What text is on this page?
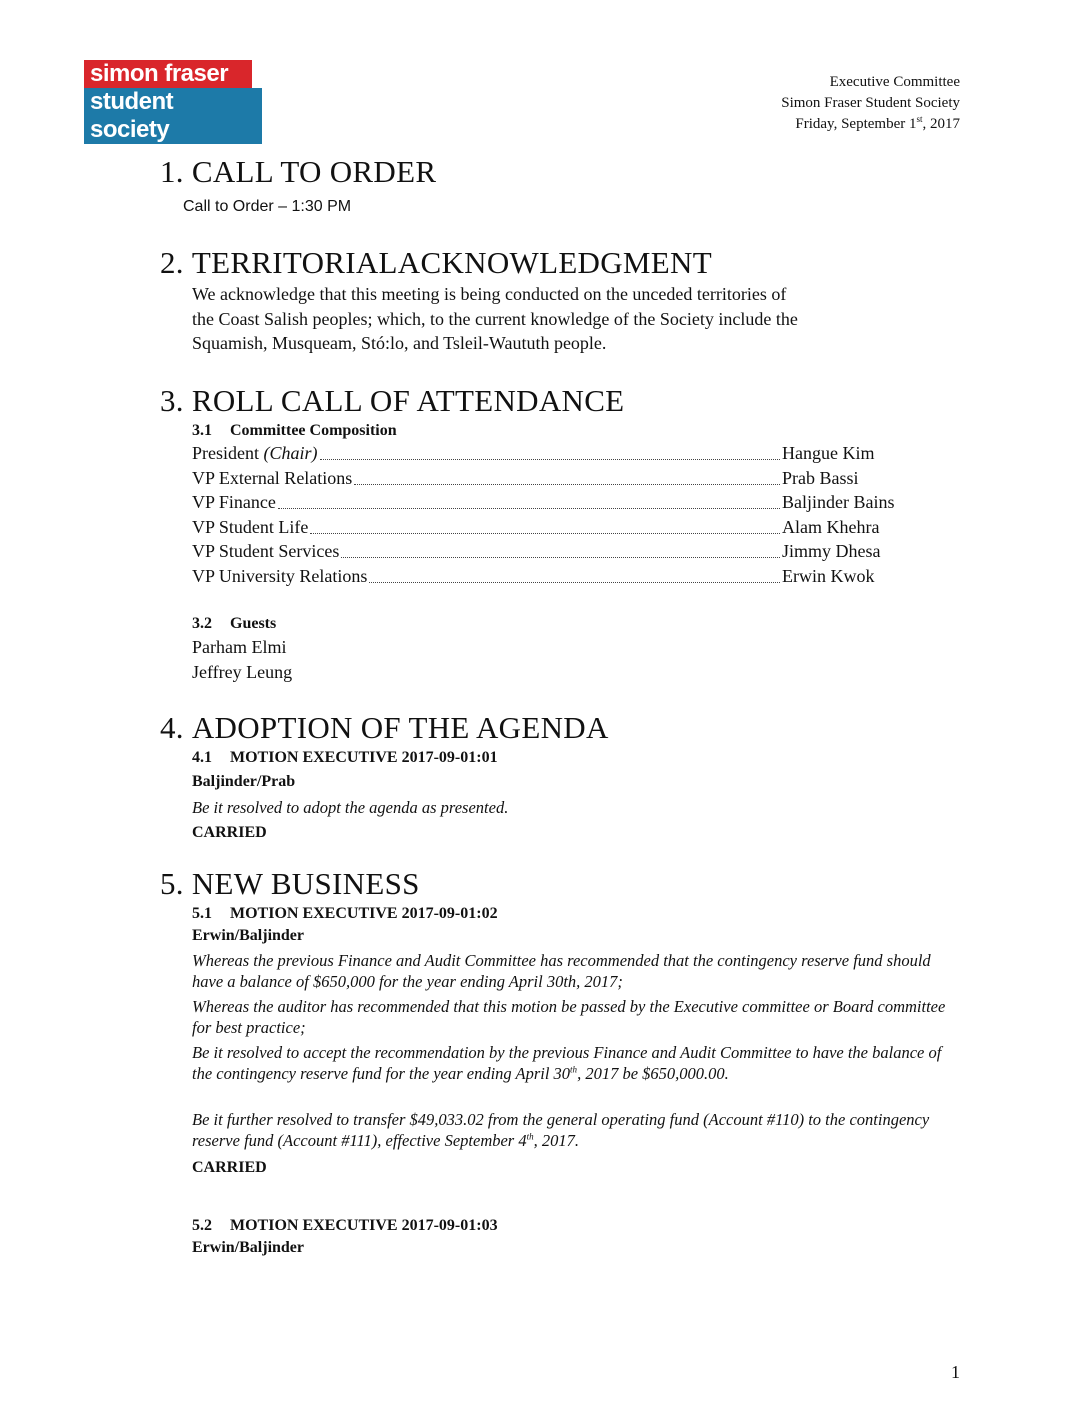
simon fraser
student society
Executive Committee
Simon Fraser Student Society
Friday, September 1st, 2017
1. CALL TO ORDER
Call to Order – 1:30 PM
2. TERRITORIALACKNOWLEDGMENT
We acknowledge that this meeting is being conducted on the unceded territories of
the Coast Salish peoples; which, to the current knowledge of the Society include the
Squamish, Musqueam, Stó:lo, and Tsleil-Waututh people.
3. ROLL CALL OF ATTENDANCE
3.1 Committee Composition
President (Chair)	Hangue Kim
VP External Relations	Prab Bassi
VP Finance	Baljinder Bains
VP Student Life	Alam Khehra
VP Student Services	Jimmy Dhesa
VP University Relations	Erwin Kwok
3.2 Guests
Parham Elmi
Jeffrey Leung
4. ADOPTION OF THE AGENDA
4.1 MOTION EXECUTIVE 2017-09-01:01
Baljinder/Prab
Be it resolved to adopt the agenda as presented.
CARRIED
5. NEW BUSINESS
5.1 MOTION EXECUTIVE 2017-09-01:02
Erwin/Baljinder
Whereas the previous Finance and Audit Committee has recommended that the contingency reserve fund should have a balance of $650,000 for the year ending April 30th, 2017;
Whereas the auditor has recommended that this motion be passed by the Executive committee or Board committee for best practice;
Be it resolved to accept the recommendation by the previous Finance and Audit Committee to have the balance of the contingency reserve fund for the year ending April 30th, 2017 be $650,000.00.
Be it further resolved to transfer $49,033.02 from the general operating fund (Account #110) to the contingency reserve fund (Account #111), effective September 4th, 2017.
CARRIED
5.2 MOTION EXECUTIVE 2017-09-01:03
Erwin/Baljinder
1
